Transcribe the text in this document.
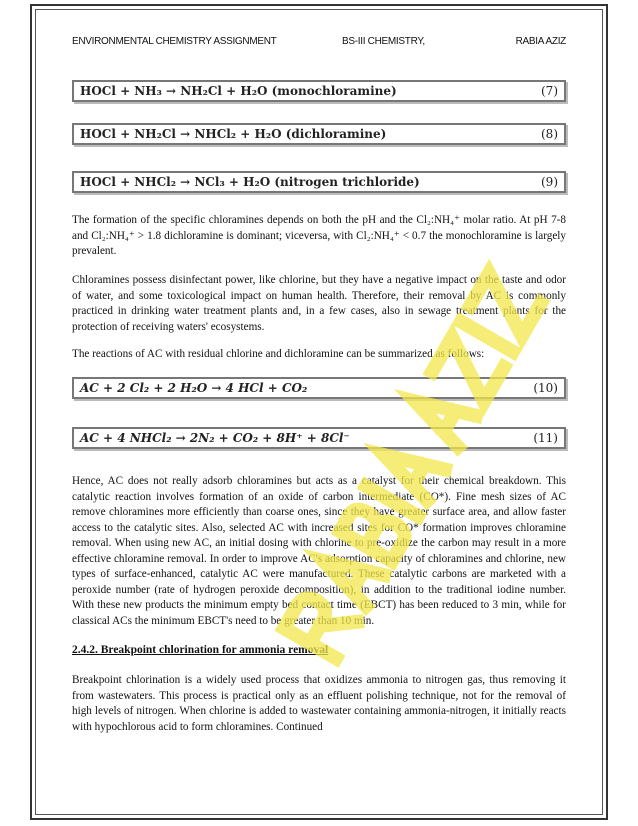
ENVIRONMENTAL CHEMISTRY ASSIGNMENT	BS-III CHEMISTRY,	RABIA AZIZ
HOCl + NH₃ → NH₂Cl + H₂O (monochloramine)	(7)
HOCl + NH₂Cl → NHCl₂ + H₂O (dichloramine)	(8)
HOCl + NHCl₂ → NCl₃ + H₂O (nitrogen trichloride)	(9)

The formation of the specific chloramines depends on both the pH and the Cl₂:NH₄⁺ molar ratio. At pH 7-8 and Cl₂:NH₄⁺ > 1.8 dichloramine is dominant; viceversa, with Cl₂:NH₄⁺ < 0.7 the monochloramine is largely prevalent.

Chloramines possess disinfectant power, like chlorine, but they have a negative impact on the taste and odor of water, and some toxicological impact on human health. Therefore, their removal by AC is commonly practiced in drinking water treatment plants and, in a few cases, also in sewage treatment plants for the protection of receiving waters' ecosystems.

The reactions of AC with residual chlorine and dichloramine can be summarized as follows:

AC + 2 Cl₂ + 2 H₂O → 4 HCl + CO₂	(10)
AC + 4 NHCl₂ → 2N₂ + CO₂ + 8H⁺ + 8Cl⁻	(11)

Hence, AC does not really adsorb chloramines but acts as a catalyst for their chemical breakdown. This catalytic reaction involves formation of an oxide of carbon intermediate (CO*). Fine mesh sizes of AC remove chloramines more efficiently than coarse ones, since they have greater surface area, and allow faster access to the catalytic sites. Also, selected AC with increased sites for CO* formation improves chloramine removal. When using new AC, an initial dosing with chlorine to pre-oxidize the carbon may result in a more effective chloramine removal. In order to improve AC's adsorption capacity of chloramines and chlorine, new types of surface-enhanced, catalytic AC were manufactured. These catalytic carbons are marketed with a peroxide number (rate of hydrogen peroxide decomposition), in addition to the traditional iodine number. With these new products the minimum empty bed contact time (EBCT) has been reduced to 3 min, while for classical ACs the minimum EBCT's need to be greater than 10 min.

2.4.2. Breakpoint chlorination for ammonia removal

Breakpoint chlorination is a widely used process that oxidizes ammonia to nitrogen gas, thus removing it from wastewaters. This process is practical only as an effluent polishing technique, not for the removal of high levels of nitrogen. When chlorine is added to wastewater containing ammonia-nitrogen, it initially reacts with hypochlorous acid to form chloramines. Continued
